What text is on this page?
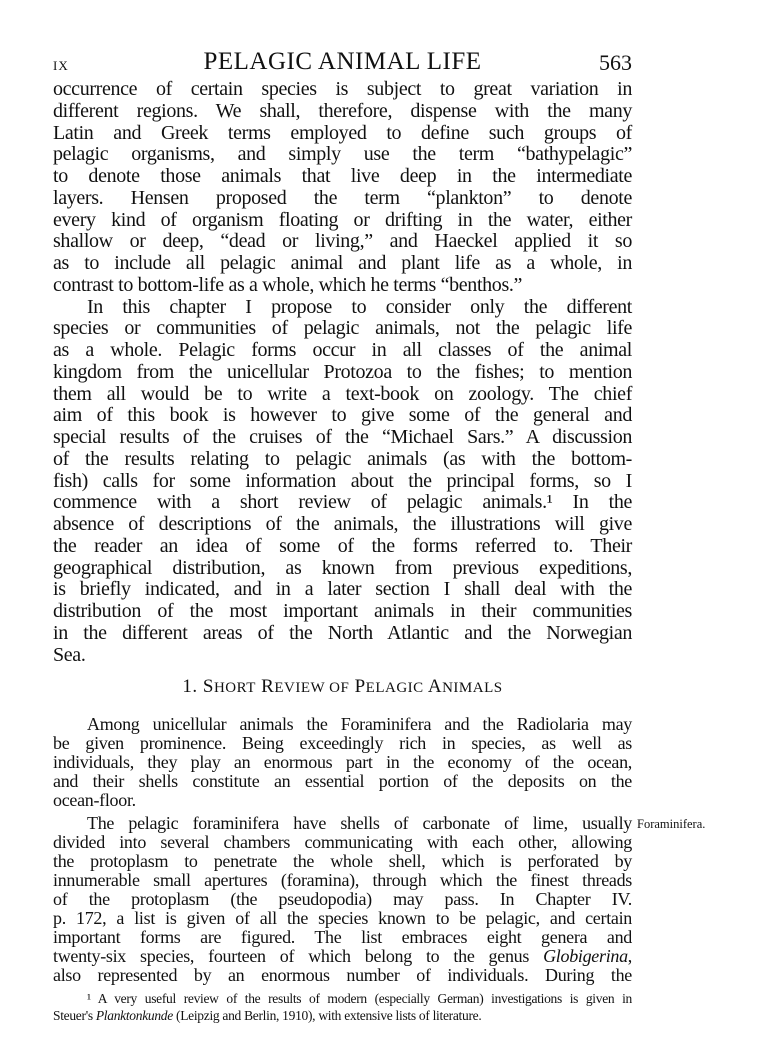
IX	PELAGIC ANIMAL LIFE	563
occurrence of certain species is subject to great variation in
different regions. We shall, therefore, dispense with the many
Latin and Greek terms employed to define such groups of
pelagic organisms, and simply use the term “bathypelagic”
to denote those animals that live deep in the intermediate
layers. Hensen proposed the term “plankton” to denote
every kind of organism floating or drifting in the water, either
shallow or deep, “dead or living,” and Haeckel applied it so
as to include all pelagic animal and plant life as a whole, in
contrast to bottom-life as a whole, which he terms “benthos.”
In this chapter I propose to consider only the different
species or communities of pelagic animals, not the pelagic life
as a whole. Pelagic forms occur in all classes of the animal
kingdom from the unicellular Protozoa to the fishes; to mention
them all would be to write a text-book on zoology. The chief
aim of this book is however to give some of the general and
special results of the cruises of the “Michael Sars.” A discussion
of the results relating to pelagic animals (as with the bottom-
fish) calls for some information about the principal forms, so I
commence with a short review of pelagic animals.¹ In the
absence of descriptions of the animals, the illustrations will give
the reader an idea of some of the forms referred to. Their
geographical distribution, as known from previous expeditions,
is briefly indicated, and in a later section I shall deal with the
distribution of the most important animals in their communities
in the different areas of the North Atlantic and the Norwegian
Sea.
1. SHORT REVIEW OF PELAGIC ANIMALS
Among unicellular animals the Foraminifera and the Radiolaria may
be given prominence. Being exceedingly rich in species, as well as
individuals, they play an enormous part in the economy of the ocean,
and their shells constitute an essential portion of the deposits on the
ocean-floor.
The pelagic foraminifera have shells of carbonate of lime, usually
divided into several chambers communicating with each other, allowing
the protoplasm to penetrate the whole shell, which is perforated by
innumerable small apertures (foramina), through which the finest threads
of the protoplasm (the pseudopodia) may pass. In Chapter IV.
p. 172, a list is given of all the species known to be pelagic, and certain
important forms are figured. The list embraces eight genera and
twenty-six species, fourteen of which belong to the genus Globigerina,
also represented by an enormous number of individuals. During the
Foraminifera.
¹ A very useful review of the results of modern (especially German) investigations is given in
Steuer's Planktonkunde (Leipzig and Berlin, 1910), with extensive lists of literature.
